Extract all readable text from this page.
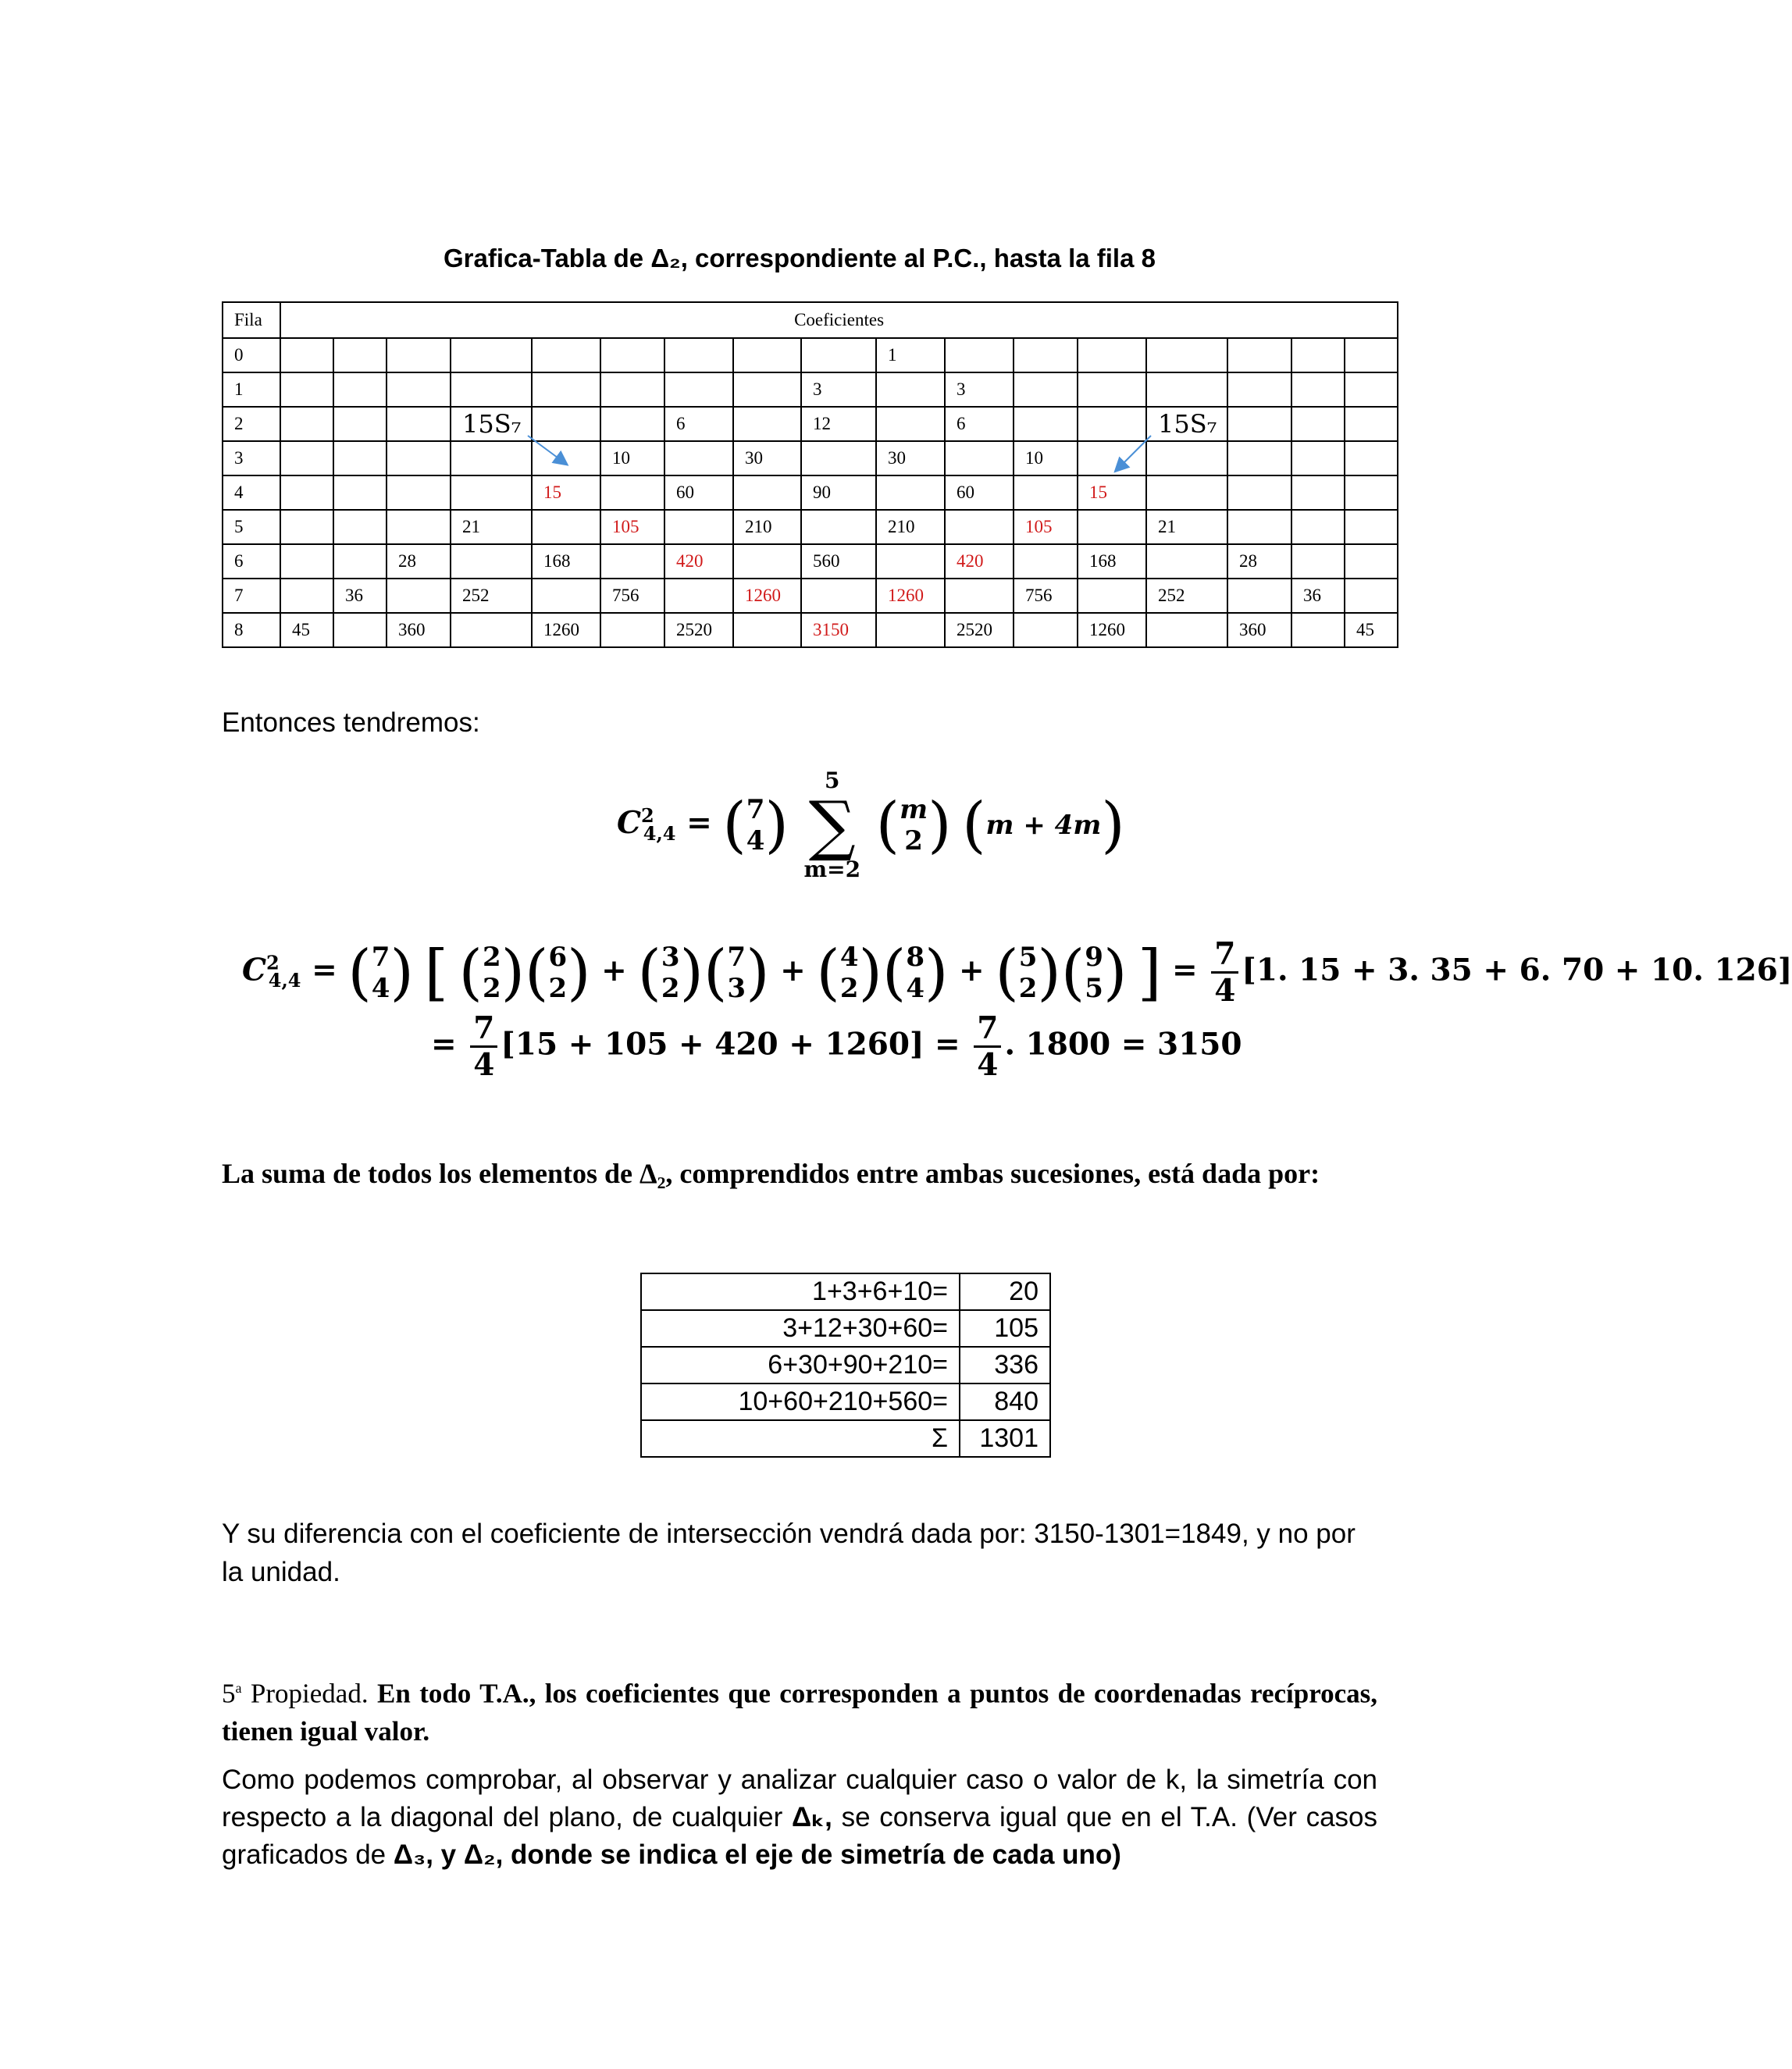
Grafica-Tabla de Δ₂, correspondiente al P.C., hasta la fila 8
Fila	Coeficientes																
0										1							
1									3		3						
2				15S₇			6		12		6			15S₇			
3						10		30		30		10					
4					15		60		90		60		15				
5				21		105		210		210		105		21			
6			28		168		420		560		420		168		28		
7		36		252		756		1260		1260		756		252		36	
8	45		360		1260		2520		3150		2520		1260		360		45
Entonces tendremos:
$C^2_{4,4}$ = ( 7
4 )
5
∑
m=2
(m
2 ) (m + 4m)
$C^2_{4,4}$ = ( 7
4 ) [ ( 2
2 )( 6
2 ) + ( 3
2 )( 7
3 ) + ( 4
2 )( 8
4 ) + ( 5
2 )( 9
5 ) ] = $\frac{7}{4} [1$. 15 + 3. 35 + 6. 70 + 10. 126]
= $\frac{7}{4} [15 + 105 + 420 + 1260] = \frac{7}{4}$ . 1800 = 3150
La suma de todos los elementos de Δ₂, comprendidos entre ambas sucesiones, está dada por:
1+3+6+10=	20
3+12+30+60=	105
6+30+90+210=	336
10+60+210+560=	840
Σ	1301
Y su diferencia con el coeficiente de intersección vendrá dada por: 3150-1301=1849, y no por la unidad.
5$^a$ Propiedad. En todo T.A., los coeficientes que corresponden a puntos de coordenadas recíprocas, tienen igual valor.
Como podemos comprobar, al observar y analizar cualquier caso o valor de k, la simetría con respecto a la diagonal del plano, de cualquier Δₖ, se conserva igual que en el T.A. (Ver casos graficados de Δ₃, y Δ₂, donde se indica el eje de simetría de cada uno)
